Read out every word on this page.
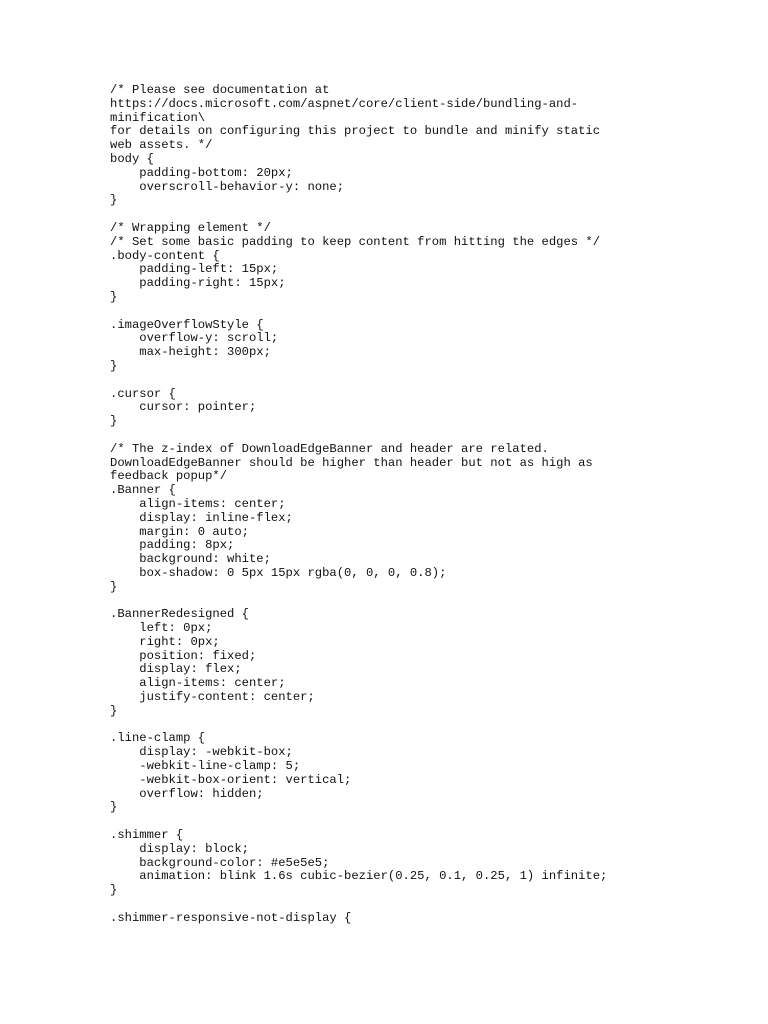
/* Please see documentation at
https://docs.microsoft.com/aspnet/core/client-side/bundling-and-
minification\
for details on configuring this project to bundle and minify static
web assets. */
body {
padding-bottom: 20px;
overscroll-behavior-y: none;
}
/* Wrapping element */
/* Set some basic padding to keep content from hitting the edges */
.body-content {
padding-left: 15px;
padding-right: 15px;
}
.imageOverflowStyle {
overflow-y: scroll;
max-height: 300px;
}
.cursor {
cursor: pointer;
}
/* The z-index of DownloadEdgeBanner and header are related.
DownloadEdgeBanner should be higher than header but not as high as
feedback popup*/
.Banner {
align-items: center;
display: inline-flex;
margin: 0 auto;
padding: 8px;
background: white;
box-shadow: 0 5px 15px rgba(0, 0, 0, 0.8);
}
.BannerRedesigned {
left: 0px;
right: 0px;
position: fixed;
display: flex;
align-items: center;
justify-content: center;
}
.line-clamp {
display: -webkit-box;
-webkit-line-clamp: 5;
-webkit-box-orient: vertical;
overflow: hidden;
}
.shimmer {
display: block;
background-color: #e5e5e5;
animation: blink 1.6s cubic-bezier(0.25, 0.1, 0.25, 1) infinite;
}
.shimmer-responsive-not-display {
